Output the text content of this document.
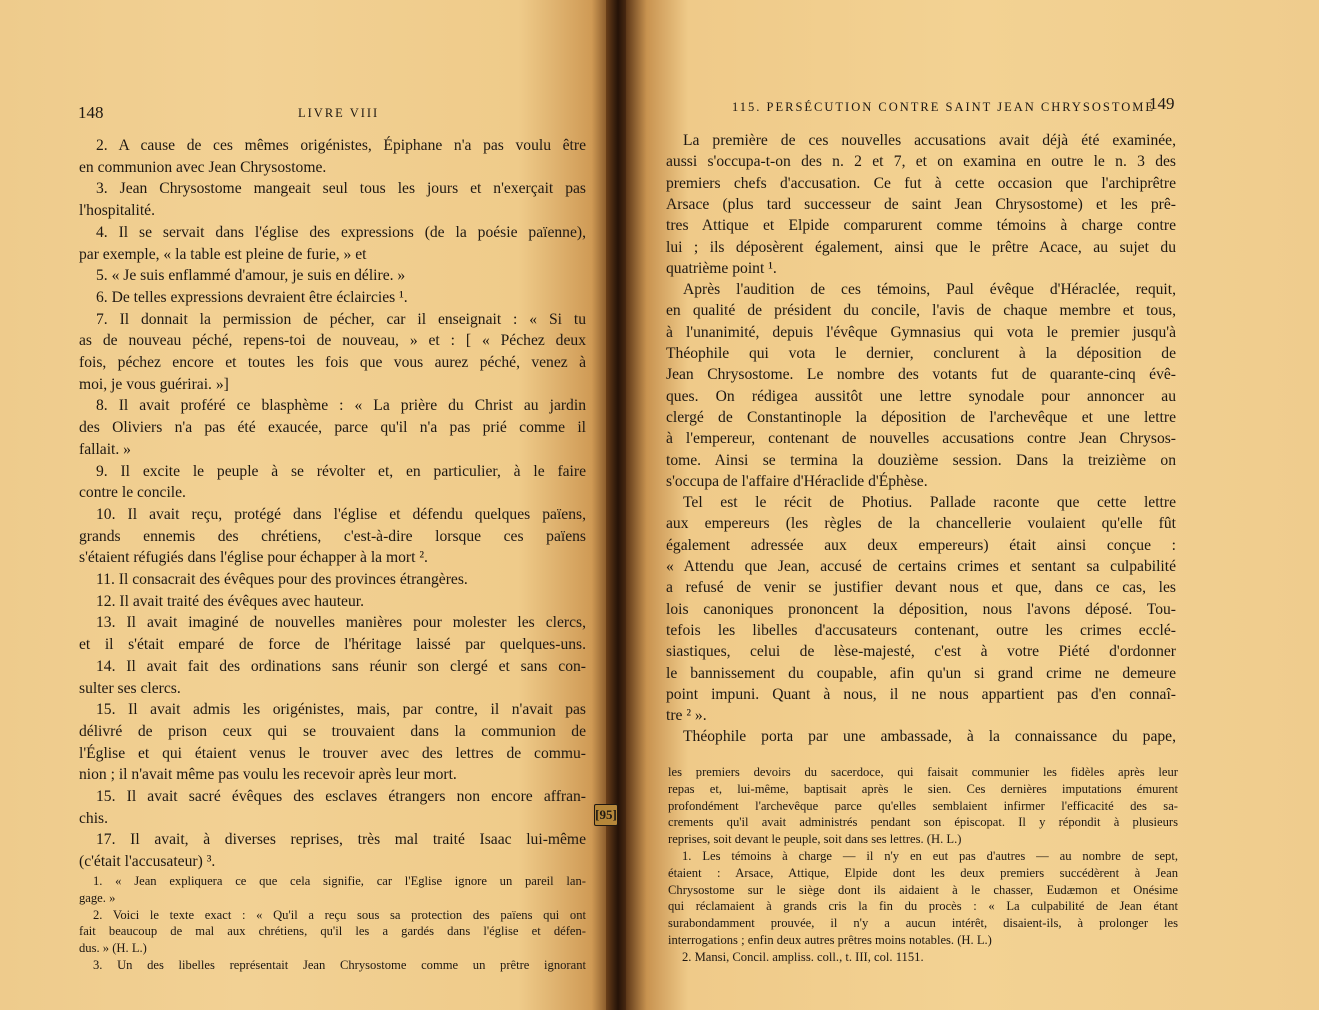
148	LIVRE VIII
2. A cause de ces mêmes origénistes, Épiphane n'a pas voulu être
en communion avec Jean Chrysostome.
3. Jean Chrysostome mangeait seul tous les jours et n'exerçait pas
l'hospitalité.
4. Il se servait dans l'église des expressions (de la poésie païenne),
par exemple, « la table est pleine de furie, » et
5. « Je suis enflammé d'amour, je suis en délire. »
6. De telles expressions devraient être éclaircies ¹.
7. Il donnait la permission de pécher, car il enseignait : « Si tu
as de nouveau péché, repens-toi de nouveau, » et : [ « Péchez deux
fois, péchez encore et toutes les fois que vous aurez péché, venez à
moi, je vous guérirai. »]
8. Il avait proféré ce blasphème : « La prière du Christ au jardin
des Oliviers n'a pas été exaucée, parce qu'il n'a pas prié comme il
fallait. »
9. Il excite le peuple à se révolter et, en particulier, à le faire
contre le concile.
10. Il avait reçu, protégé dans l'église et défendu quelques païens,
grands ennemis des chrétiens, c'est-à-dire lorsque ces païens
s'étaient réfugiés dans l'église pour échapper à la mort ².
11. Il consacrait des évêques pour des provinces étrangères.
12. Il avait traité des évêques avec hauteur.
13. Il avait imaginé de nouvelles manières pour molester les clercs,
et il s'était emparé de force de l'héritage laissé par quelques-uns.
14. Il avait fait des ordinations sans réunir son clergé et sans con-
sulter ses clercs.
15. Il avait admis les origénistes, mais, par contre, il n'avait pas
délivré de prison ceux qui se trouvaient dans la communion de
l'Église et qui étaient venus le trouver avec des lettres de commu-
nion ; il n'avait même pas voulu les recevoir après leur mort.
15. Il avait sacré évêques des esclaves étrangers non encore affran-
chis.
17. Il avait, à diverses reprises, très mal traité Isaac lui-même
(c'était l'accusateur) ³.
1. « Jean expliquera ce que cela signifie, car l'Eglise ignore un pareil lan-
gage. »
2. Voici le texte exact : « Qu'il a reçu sous sa protection des païens qui ont
fait beaucoup de mal aux chrétiens, qu'il les a gardés dans l'église et défen-
dus. » (H. L.)
3. Un des libelles représentait Jean Chrysostome comme un prêtre ignorant
[95]
115. PERSÉCUTION CONTRE SAINT JEAN CHRYSOSTOME
149
La première de ces nouvelles accusations avait déjà été examinée,
aussi s'occupa-t-on des n. 2 et 7, et on examina en outre le n. 3 des
premiers chefs d'accusation. Ce fut à cette occasion que l'archiprêtre
Arsace (plus tard successeur de saint Jean Chrysostome) et les prê-
tres Attique et Elpide comparurent comme témoins à charge contre
lui ; ils déposèrent également, ainsi que le prêtre Acace, au sujet du
quatrième point ¹.
Après l'audition de ces témoins, Paul évêque d'Héraclée, requit,
en qualité de président du concile, l'avis de chaque membre et tous,
à l'unanimité, depuis l'évêque Gymnasius qui vota le premier jusqu'à
Théophile qui vota le dernier, conclurent à la déposition de
Jean Chrysostome. Le nombre des votants fut de quarante-cinq évê-
ques. On rédigea aussitôt une lettre synodale pour annoncer au
clergé de Constantinople la déposition de l'archevêque et une lettre
à l'empereur, contenant de nouvelles accusations contre Jean Chrysos-
tome. Ainsi se termina la douzième session. Dans la treizième on
s'occupa de l'affaire d'Héraclide d'Éphèse.
Tel est le récit de Photius. Pallade raconte que cette lettre
aux empereurs (les règles de la chancellerie voulaient qu'elle fût
également adressée aux deux empereurs) était ainsi conçue :
« Attendu que Jean, accusé de certains crimes et sentant sa culpabilité
a refusé de venir se justifier devant nous et que, dans ce cas, les
lois canoniques prononcent la déposition, nous l'avons déposé. Tou-
tefois les libelles d'accusateurs contenant, outre les crimes ecclé-
siastiques, celui de lèse-majesté, c'est à votre Piété d'ordonner
le bannissement du coupable, afin qu'un si grand crime ne demeure
point impuni. Quant à nous, il ne nous appartient pas d'en connaî-
tre ² ».
Théophile porta par une ambassade, à la connaissance du pape,
les premiers devoirs du sacerdoce, qui faisait communier les fidèles après leur
repas et, lui-même, baptisait après le sien. Ces dernières imputations émurent
profondément l'archevêque parce qu'elles semblaient infirmer l'efficacité des sa-
crements qu'il avait administrés pendant son épiscopat. Il y répondit à plusieurs
reprises, soit devant le peuple, soit dans ses lettres. (H. L.)
1. Les témoins à charge — il n'y en eut pas d'autres — au nombre de sept,
étaient : Arsace, Attique, Elpide dont les deux premiers succédèrent à Jean
Chrysostome sur le siège dont ils aidaient à le chasser, Eudæmon et Onésime
qui réclamaient à grands cris la fin du procès : « La culpabilité de Jean étant
surabondamment prouvée, il n'y a aucun intérêt, disaient-ils, à prolonger les
interrogations ; enfin deux autres prêtres moins notables. (H. L.)
2. Mansi, Concil. ampliss. coll., t. III, col. 1151.
